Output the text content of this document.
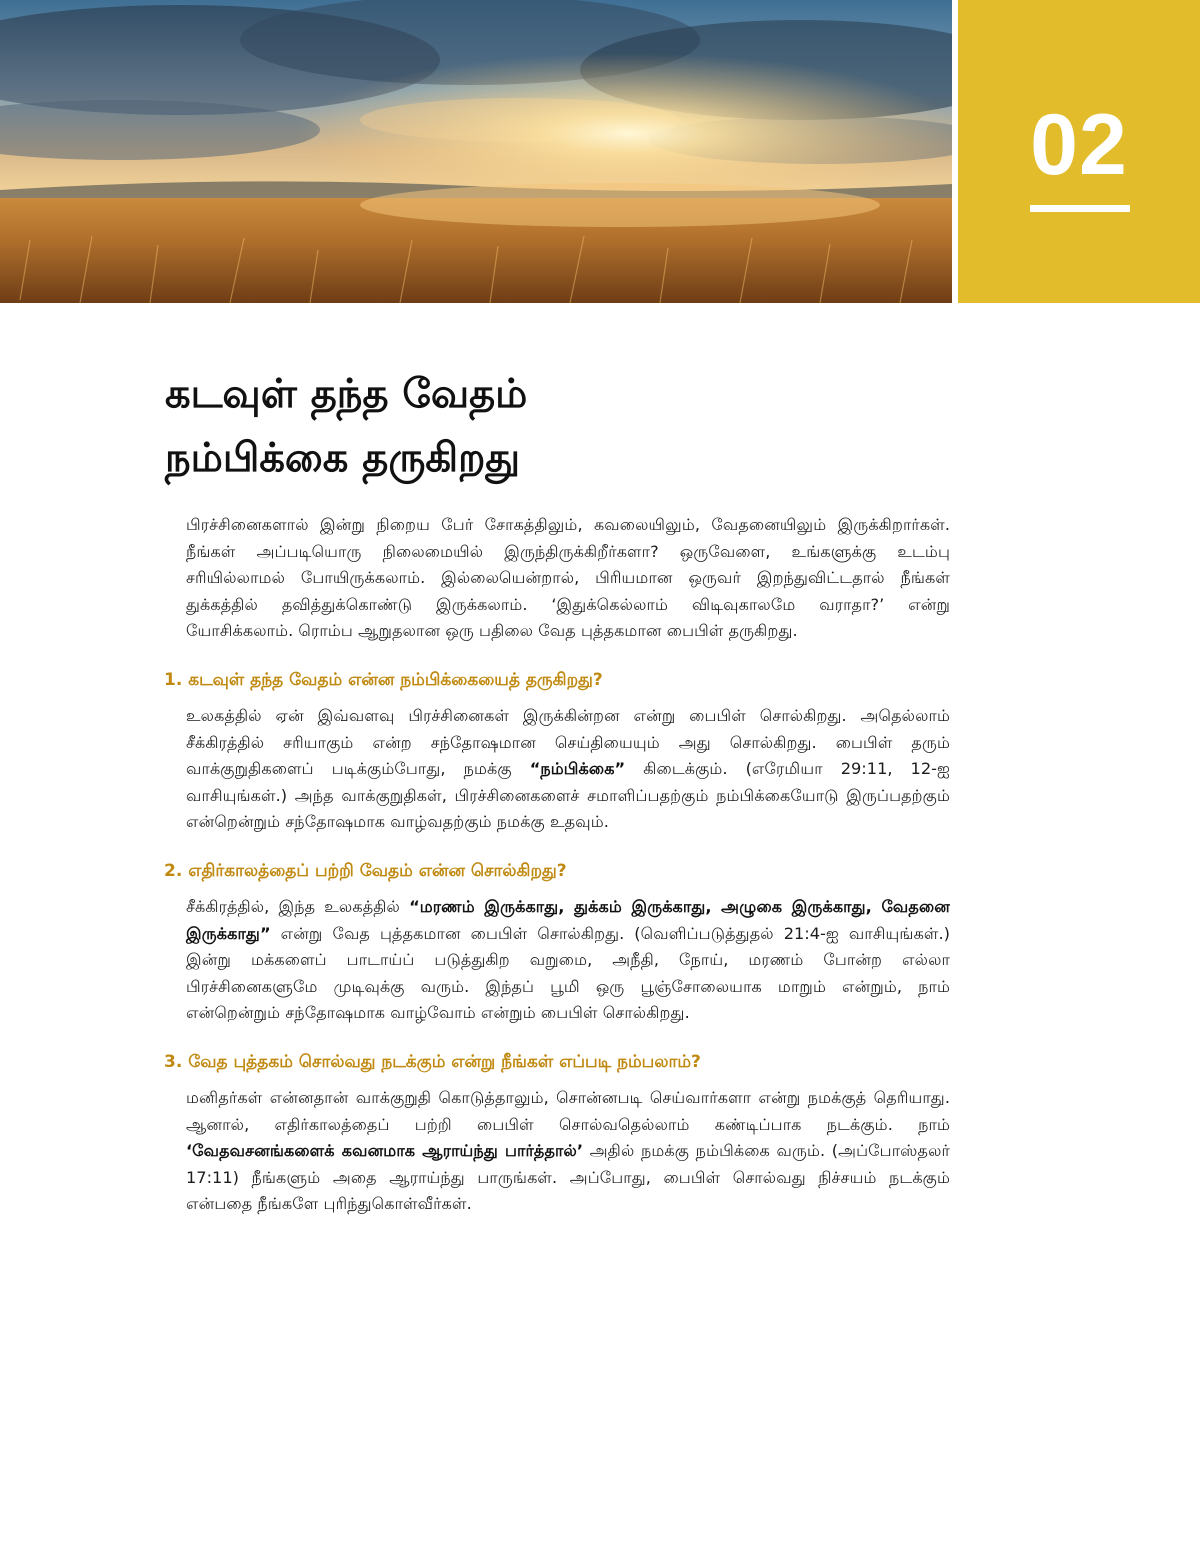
02
கடவுள் தந்த வேதம்
நம்பிக்கை தருகிறது

பிரச்சினைகளால் இன்று நிறைய பேர் சோகத்திலும், கவலையிலும், வேதனையிலும் இருக்கிறார்கள். நீங்கள் அப்படியொரு நிலைமையில் இருந்திருக்கிறீர்களா? ஒருவேளை, உங்களுக்கு உடம்பு சரியில்லாமல் போயிருக்கலாம். இல்லையென்றால், பிரியமான ஒருவர் இறந்துவிட்டதால் நீங்கள் துக்கத்தில் தவித்துக்கொண்டு இருக்கலாம். ‘இதுக்கெல்லாம் விடிவுகாலமே வராதா?’ என்று யோசிக்கலாம். ரொம்ப ஆறுதலான ஒரு பதிலை வேத புத்தகமான பைபிள் தருகிறது.

1. கடவுள் தந்த வேதம் என்ன நம்பிக்கையைத் தருகிறது?

உலகத்தில் ஏன் இவ்வளவு பிரச்சினைகள் இருக்கின்றன என்று பைபிள் சொல்கிறது. அதெல்லாம் சீக்கிரத்தில் சரியாகும் என்ற சந்தோஷமான செய்தியையும் அது சொல்கிறது. பைபிள் தரும் வாக்குறுதிகளைப் படிக்கும்போது, நமக்கு “நம்பிக்கை” கிடைக்கும். (எரேமியா 29:11, 12-ஐ வாசியுங்கள்.) அந்த வாக்குறுதிகள், பிரச்சினைகளைச் சமாளிப்பதற்கும் நம்பிக்கையோடு இருப்பதற்கும் என்றென்றும் சந்தோஷமாக வாழ்வதற்கும் நமக்கு உதவும்.

2. எதிர்காலத்தைப் பற்றி வேதம் என்ன சொல்கிறது?

சீக்கிரத்தில், இந்த உலகத்தில் “மரணம் இருக்காது, துக்கம் இருக்காது, அழுகை இருக்காது, வேதனை இருக்காது” என்று வேத புத்தகமான பைபிள் சொல்கிறது. (வெளிப்படுத்துதல் 21:4-ஐ வாசியுங்கள்.) இன்று மக்களைப் பாடாய்ப் படுத்துகிற வறுமை, அநீதி, நோய், மரணம் போன்ற எல்லா பிரச்சினைகளுமே முடிவுக்கு வரும். இந்தப் பூமி ஒரு பூஞ்சோலையாக மாறும் என்றும், நாம் என்றென்றும் சந்தோஷமாக வாழ்வோம் என்றும் பைபிள் சொல்கிறது.

3. வேத புத்தகம் சொல்வது நடக்கும் என்று நீங்கள் எப்படி நம்பலாம்?

மனிதர்கள் என்னதான் வாக்குறுதி கொடுத்தாலும், சொன்னபடி செய்வார்களா என்று நமக்குத் தெரியாது. ஆனால், எதிர்காலத்தைப் பற்றி பைபிள் சொல்வதெல்லாம் கண்டிப்பாக நடக்கும். நாம் ‘வேதவசனங்களைக் கவனமாக ஆராய்ந்து பார்த்தால்’ அதில் நமக்கு நம்பிக்கை வரும். (அப்போஸ்தலர் 17:11) நீங்களும் அதை ஆராய்ந்து பாருங்கள். அப்போது, பைபிள் சொல்வது நிச்சயம் நடக்கும் என்பதை நீங்களே புரிந்துகொள்வீர்கள்.
